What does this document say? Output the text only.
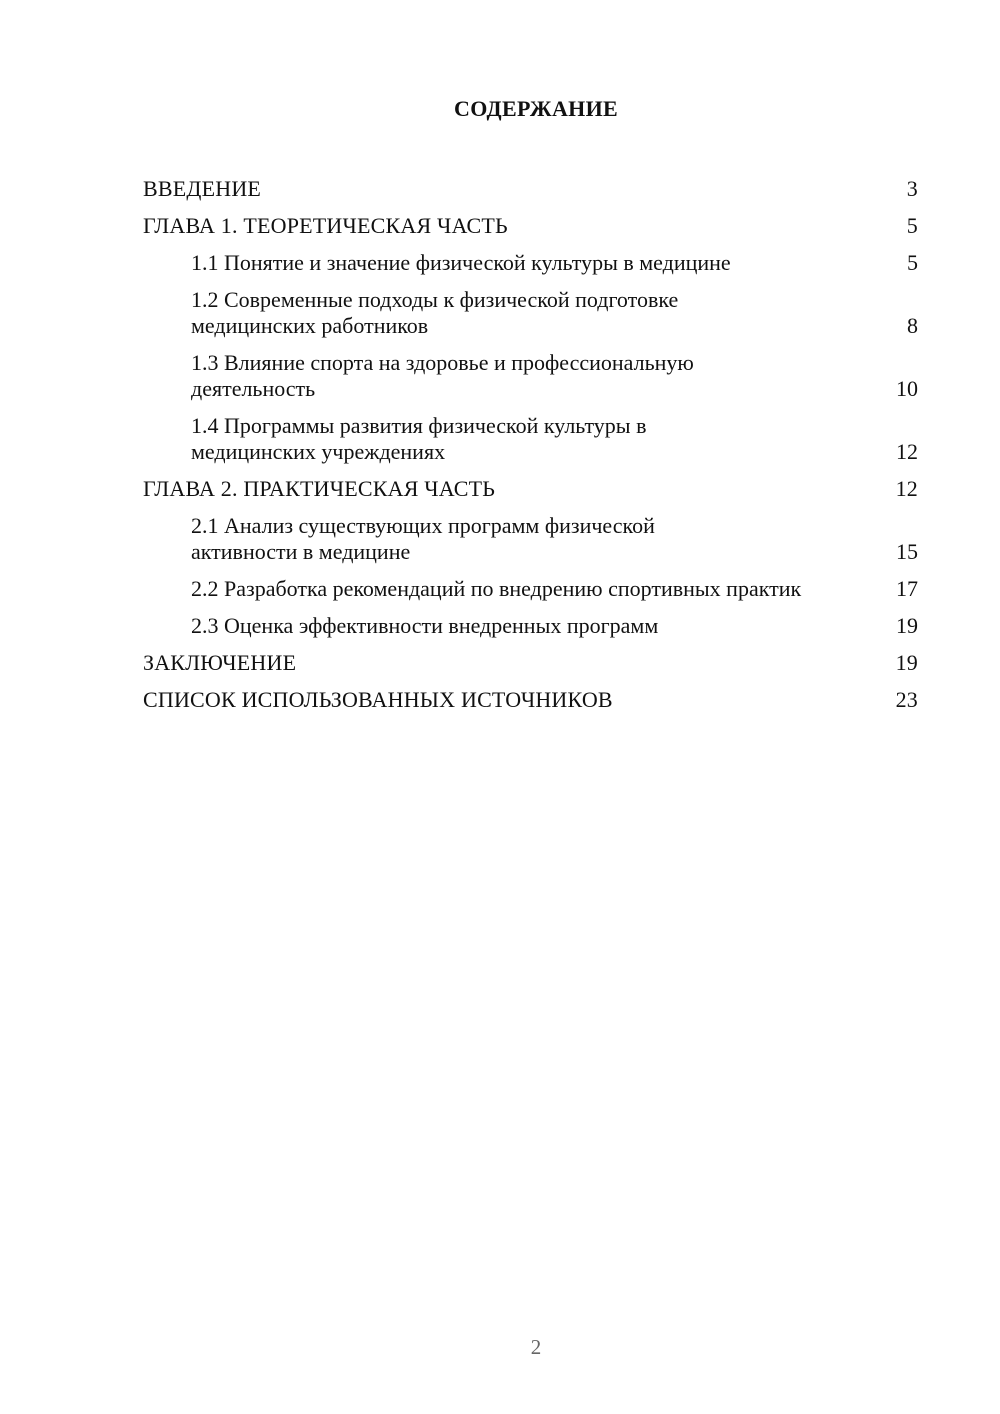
СОДЕРЖАНИЕ
ВВЕДЕНИЕ	3
ГЛАВА 1. ТЕОРЕТИЧЕСКАЯ ЧАСТЬ	5
1.1 Понятие и значение физической культуры в медицине	5
1.2 Современные подходы к физической подготовке медицинских работников	8
1.3 Влияние спорта на здоровье и профессиональную деятельность	10
1.4 Программы развития физической культуры в медицинских учреждениях	12
ГЛАВА 2. ПРАКТИЧЕСКАЯ ЧАСТЬ	12
2.1 Анализ существующих программ физической активности в медицине	15
2.2 Разработка рекомендаций по внедрению спортивных практик	17
2.3 Оценка эффективности внедренных программ	19
ЗАКЛЮЧЕНИЕ	19
СПИСОК ИСПОЛЬЗОВАННЫХ ИСТОЧНИКОВ	23
2
